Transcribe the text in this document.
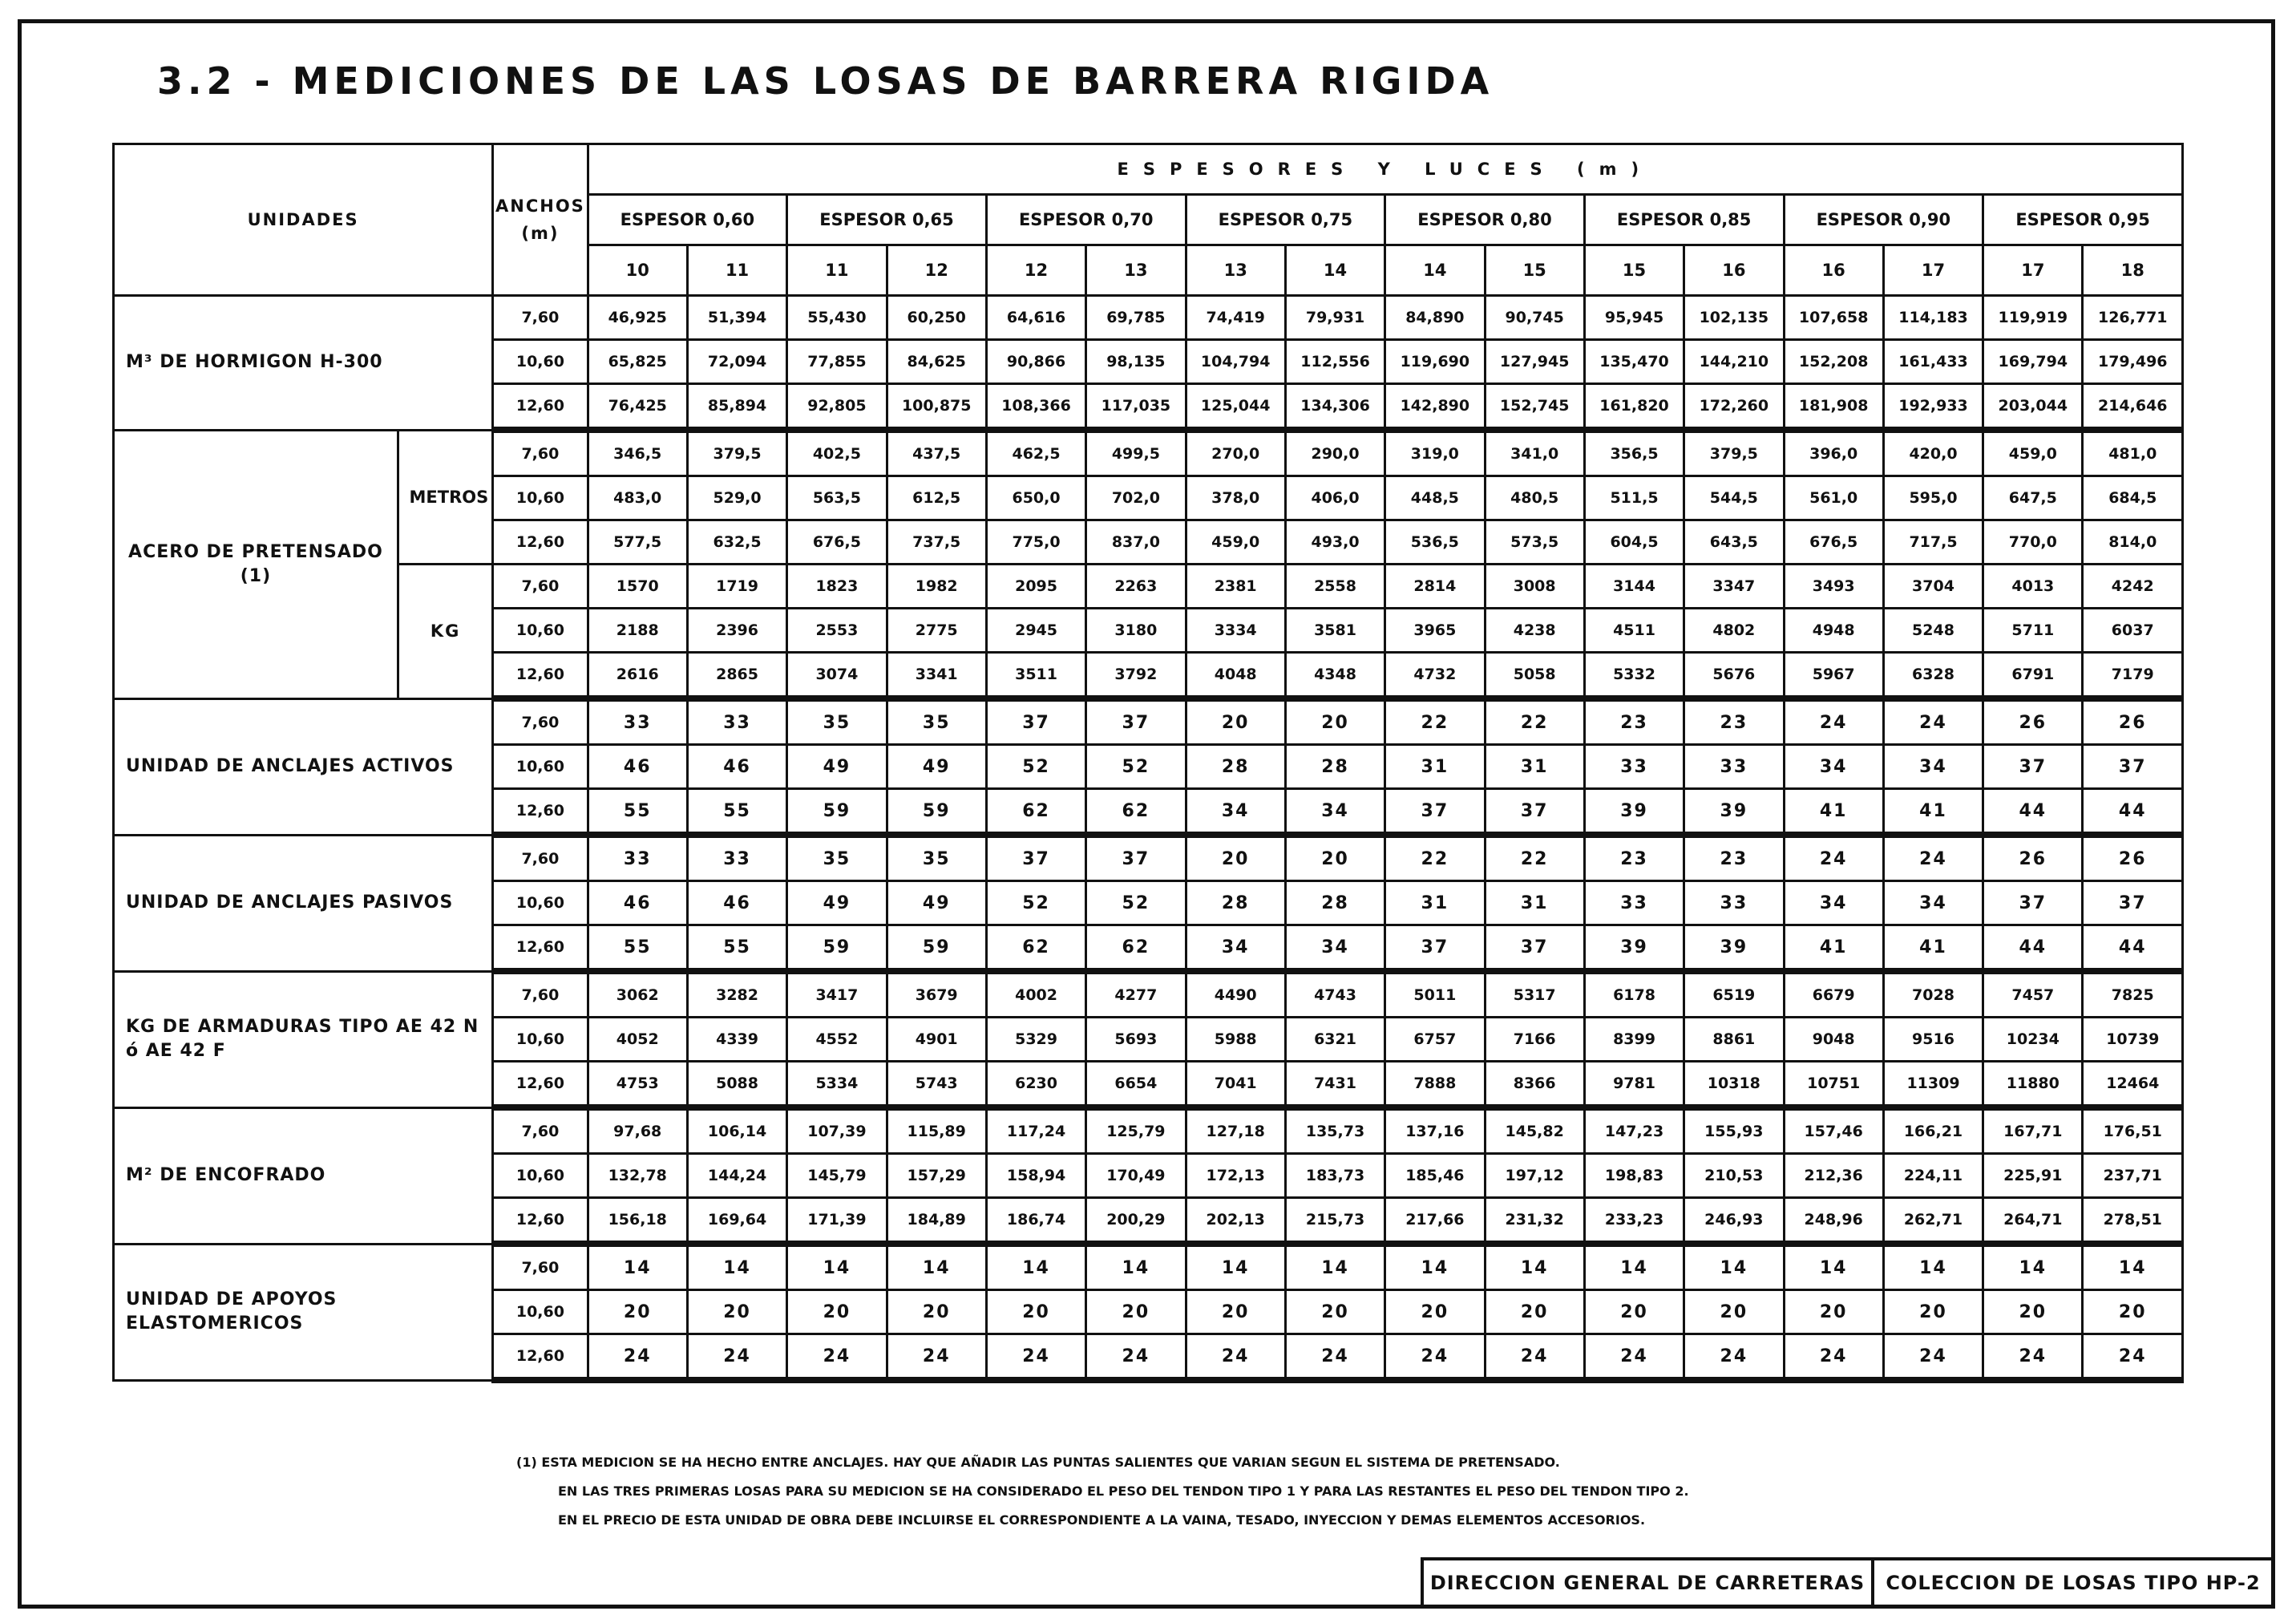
3.2 - MEDICIONES DE LAS LOSAS DE BARRERA RIGIDA
UNIDADES		ANCHOS (m)	ESPESORES Y LUCES (m)															
			ESPESOR 0,60		ESPESOR 0,65		ESPESOR 0,70		ESPESOR 0,75		ESPESOR 0,80		ESPESOR 0,85		ESPESOR 0,90		ESPESOR 0,95	
			10	11	11	12	12	13	13	14	14	15	15	16	16	17	17	18
M³ DE HORMIGON H-300		7,60	46,925	51,394	55,430	60,250	64,616	69,785	74,419	79,931	84,890	90,745	95,945	102,135	107,658	114,183	119,919	126,771
		10,60	65,825	72,094	77,855	84,625	90,866	98,135	104,794	112,556	119,690	127,945	135,470	144,210	152,208	161,433	169,794	179,496
		12,60	76,425	85,894	92,805	100,875	108,366	117,035	125,044	134,306	142,890	152,745	161,820	172,260	181,908	192,933	203,044	214,646
ACERO DE PRETENSADO (1)	METROS	7,60	346,5	379,5	402,5	437,5	462,5	499,5	270,0	290,0	319,0	341,0	356,5	379,5	396,0	420,0	459,0	481,0
		10,60	483,0	529,0	563,5	612,5	650,0	702,0	378,0	406,0	448,5	480,5	511,5	544,5	561,0	595,0	647,5	684,5
		12,60	577,5	632,5	676,5	737,5	775,0	837,0	459,0	493,0	536,5	573,5	604,5	643,5	676,5	717,5	770,0	814,0
	KG	7,60	1570	1719	1823	1982	2095	2263	2381	2558	2814	3008	3144	3347	3493	3704	4013	4242
		10,60	2188	2396	2553	2775	2945	3180	3334	3581	3965	4238	4511	4802	4948	5248	5711	6037
		12,60	2616	2865	3074	3341	3511	3792	4048	4348	4732	5058	5332	5676	5967	6328	6791	7179
UNIDAD DE ANCLAJES ACTIVOS		7,60	33	33	35	35	37	37	20	20	22	22	23	23	24	24	26	26
		10,60	46	46	49	49	52	52	28	28	31	31	33	33	34	34	37	37
		12,60	55	55	59	59	62	62	34	34	37	37	39	39	41	41	44	44
UNIDAD DE ANCLAJES PASIVOS		7,60	33	33	35	35	37	37	20	20	22	22	23	23	24	24	26	26
		10,60	46	46	49	49	52	52	28	28	31	31	33	33	34	34	37	37
		12,60	55	55	59	59	62	62	34	34	37	37	39	39	41	41	44	44
KG DE ARMADURAS TIPO AE 42 N ó AE 42 F		7,60	3062	3282	3417	3679	4002	4277	4490	4743	5011	5317	6178	6519	6679	7028	7457	7825
		10,60	4052	4339	4552	4901	5329	5693	5988	6321	6757	7166	8399	8861	9048	9516	10234	10739
		12,60	4753	5088	5334	5743	6230	6654	7041	7431	7888	8366	9781	10318	10751	11309	11880	12464
M² DE ENCOFRADO		7,60	97,68	106,14	107,39	115,89	117,24	125,79	127,18	135,73	137,16	145,82	147,23	155,93	157,46	166,21	167,71	176,51
		10,60	132,78	144,24	145,79	157,29	158,94	170,49	172,13	183,73	185,46	197,12	198,83	210,53	212,36	224,11	225,91	237,71
		12,60	156,18	169,64	171,39	184,89	186,74	200,29	202,13	215,73	217,66	231,32	233,23	246,93	248,96	262,71	264,71	278,51
UNIDAD DE APOYOS ELASTOMERICOS		7,60	14	14	14	14	14	14	14	14	14	14	14	14	14	14	14	14
		10,60	20	20	20	20	20	20	20	20	20	20	20	20	20	20	20	20
		12,60	24	24	24	24	24	24	24	24	24	24	24	24	24	24	24	24
(1) ESTA MEDICION SE HA HECHO ENTRE ANCLAJES. HAY QUE AÑADIR LAS PUNTAS SALIENTES QUE VARIAN SEGUN EL SISTEMA DE PRETENSADO.
EN LAS TRES PRIMERAS LOSAS PARA SU MEDICION SE HA CONSIDERADO EL PESO DEL TENDON TIPO 1 Y PARA LAS RESTANTES EL PESO DEL TENDON TIPO 2.
EN EL PRECIO DE ESTA UNIDAD DE OBRA DEBE INCLUIRSE EL CORRESPONDIENTE A LA VAINA, TESADO, INYECCION Y DEMAS ELEMENTOS ACCESORIOS.
DIRECCION GENERAL DE CARRETERAS	COLECCION DE LOSAS TIPO HP-2
